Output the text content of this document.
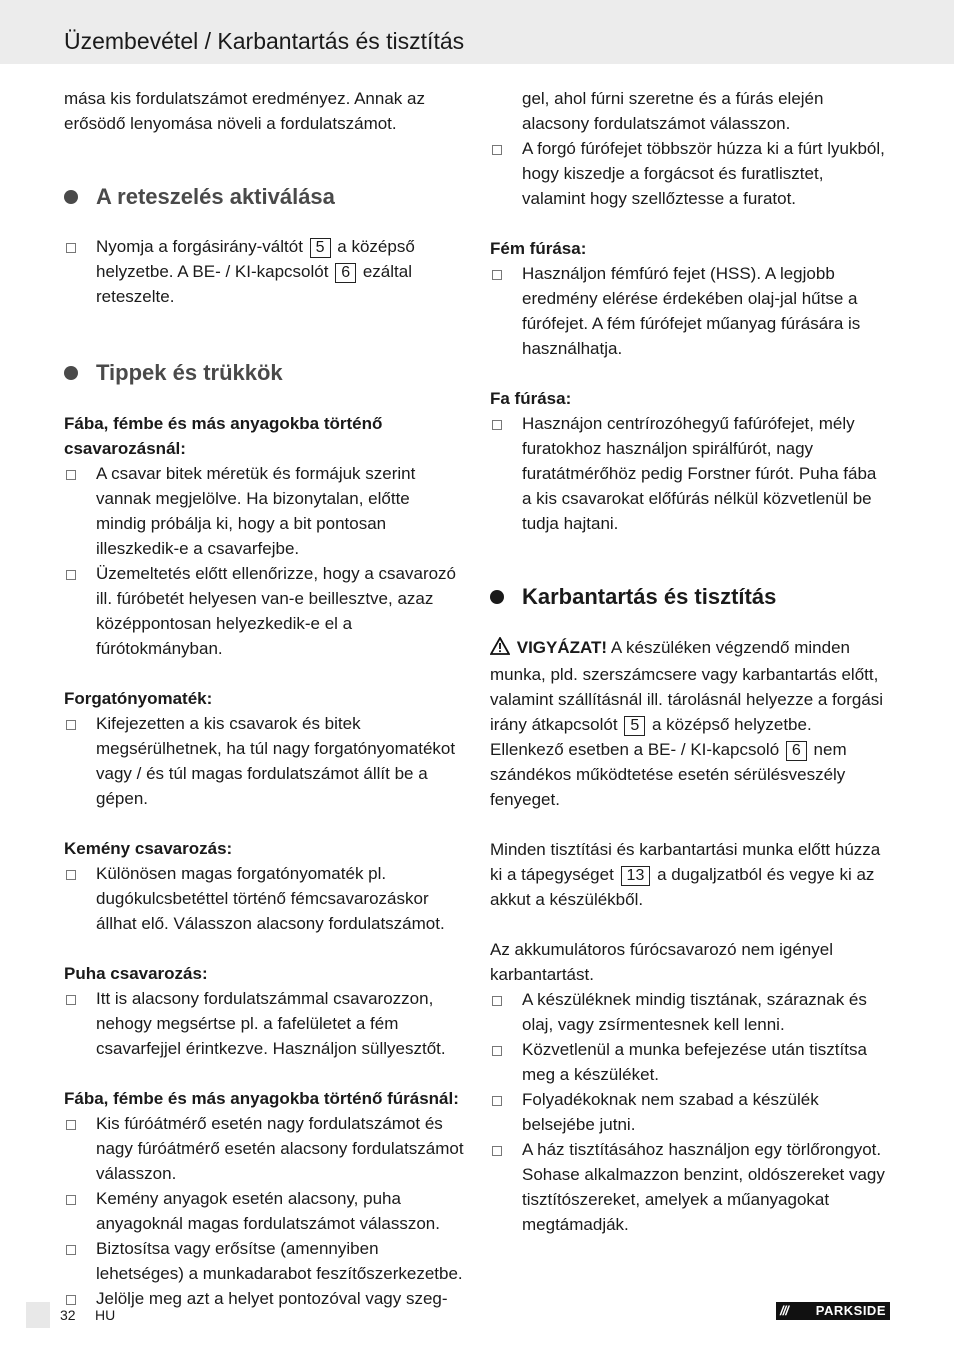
Üzembevétel / Karbantartás és tisztítás

mása kis fordulatszámot eredményez. Annak az erősödő lenyomása növeli a fordulatszámot.

A reteszelés aktiválása
Nyomja a forgásirány-váltót 5 a középső helyzetbe. A BE- / KI-kapcsolót 6 ezáltal reteszelte.
Tippek és trükkök

Fába, fémbe és más anyagokba történő csavarozásnál:

A csavar bitek méretük és formájuk szerint vannak megjelölve. Ha bizonytalan, előtte mindig próbálja ki, hogy a bit pontosan illeszkedik-e a csavarfejbe.
Üzemeltetés előtt ellenőrizze, hogy a csavarozó ill. fúróbetét helyesen van-e beillesztve, azaz középpontosan helyezkedik-e el a fúrótokmányban.

Forgatónyomaték:

Kifejezetten a kis csavarok és bitek megsérülhetnek, ha túl nagy forgatónyomatékot vagy / és túl magas fordulatszámot állít be a gépen.

Kemény csavarozás:

Különösen magas forgatónyomaték pl. dugókulcsbetéttel történő fémcsavarozáskor állhat elő. Válasszon alacsony fordulatszámot.

Puha csavarozás:

Itt is alacsony fordulatszámmal csavarozzon, nehogy megsértse pl. a fafelületet a fém csavarfejjel érintkezve. Használjon süllyesztőt.

Fába, fémbe és más anyagokba történő fúrásnál:

Kis fúróátmérő esetén nagy fordulatszámot és nagy fúróátmérő esetén alacsony fordulatszámot válasszon.
Kemény anyagok esetén alacsony, puha anyagoknál magas fordulatszámot válasszon.
Biztosítsa vagy erősítse (amennyiben lehetséges) a munkadarabot feszítőszerkezetbe.
Jelölje meg azt a helyet pontozóval vagy szeg-

gel, ahol fúrni szeretne és a fúrás elején alacsony fordulatszámot válasszon.

A forgó fúrófejet többször húzza ki a fúrt lyukból, hogy kiszedje a forgácsot és furatlisztet, valamint hogy szellőztesse a furatot.

Fém fúrása:

Használjon fémfúró fejet (HSS). A legjobb eredmény elérése érdekében olaj-jal hűtse a fúrófejet. A fém fúrófejet műanyag fúrására is használhatja.

Fa fúrása:

Hasznájon centrírozóhegyű fafúrófejet, mély furatokhoz használjon spirálfúrót, nagy furatátmérőhöz pedig Forstner fúrót. Puha fába a kis csavarokat előfúrás nélkül közvetlenül be tudja hajtani.
Karbantartás és tisztítás

VIGYÁZAT! A készüléken végzendő minden munka, pld. szerszámcsere vagy karbantartás előtt, valamint szállításnál ill. tárolásnál helyezze a forgási irány átkapcsolót 5 a középső helyzetbe. Ellenkező esetben a BE- / KI-kapcsoló 6 nem szándékos működtetése esetén sérülésveszély fenyeget.

Minden tisztítási és karbantartási munka előtt húzza ki a tápegységet 13 a dugaljzatból és vegye ki az akkut a készülékből.

Az akkumulátoros fúrócsavarozó nem igényel karbantartást.

A készüléknek mindig tisztának, száraznak és olaj, vagy zsírmentesnek kell lenni.
Közvetlenül a munka befejezése után tisztítsa meg a készüléket.
Folyadékoknak nem szabad a készülék belsejébe jutni.
A ház tisztításához használjon egy törlőrongyot. Sohase alkalmazzon benzint, oldószereket vagy tisztítószereket, amelyek a műanyagokat megtámadják.
32 HU	/// PARKSIDE
